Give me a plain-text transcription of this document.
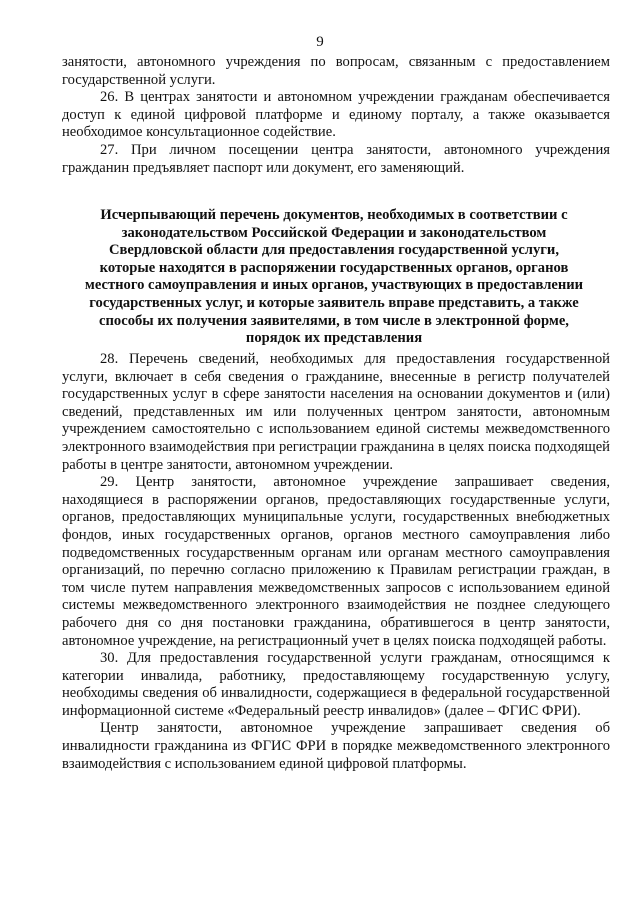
9

занятости, автономного учреждения по вопросам, связанным с предоставлением государственной услуги.

26. В центрах занятости и автономном учреждении гражданам обеспечивается доступ к единой цифровой платформе и единому порталу, а также оказывается необходимое консультационное содействие.

27. При личном посещении центра занятости, автономного учреждения гражданин предъявляет паспорт или документ, его заменяющий.

Исчерпывающий перечень документов, необходимых в соответствии с законодательством Российской Федерации и законодательством Свердловской области для предоставления государственной услуги, которые находятся в распоряжении государственных органов, органов местного самоуправления и иных органов, участвующих в предоставлении государственных услуг, и которые заявитель вправе представить, а также способы их получения заявителями, в том числе в электронной форме, порядок их представления

28. Перечень сведений, необходимых для предоставления государственной услуги, включает в себя сведения о гражданине, внесенные в регистр получателей государственных услуг в сфере занятости населения на основании документов и (или) сведений, представленных им или полученных центром занятости, автономным учреждением самостоятельно с использованием единой системы межведомственного электронного взаимодействия при регистрации гражданина в целях поиска подходящей работы в центре занятости, автономном учреждении.

29. Центр занятости, автономное учреждение запрашивает сведения, находящиеся в распоряжении органов, предоставляющих государственные услуги, органов, предоставляющих муниципальные услуги, государственных внебюджетных фондов, иных государственных органов, органов местного самоуправления либо подведомственных государственным органам или органам местного самоуправления организаций, по перечню согласно приложению к Правилам регистрации граждан, в том числе путем направления межведомственных запросов с использованием единой системы межведомственного электронного взаимодействия не позднее следующего рабочего дня со дня постановки гражданина, обратившегося в центр занятости, автономное учреждение, на регистрационный учет в целях поиска подходящей работы.

30. Для предоставления государственной услуги гражданам, относящимся к категории инвалида, работнику, предоставляющему государственную услугу, необходимы сведения об инвалидности, содержащиеся в федеральной государственной информационной системе «Федеральный реестр инвалидов» (далее – ФГИС ФРИ).

Центр занятости, автономное учреждение запрашивает сведения об инвалидности гражданина из ФГИС ФРИ в порядке межведомственного электронного взаимодействия с использованием единой цифровой платформы.
